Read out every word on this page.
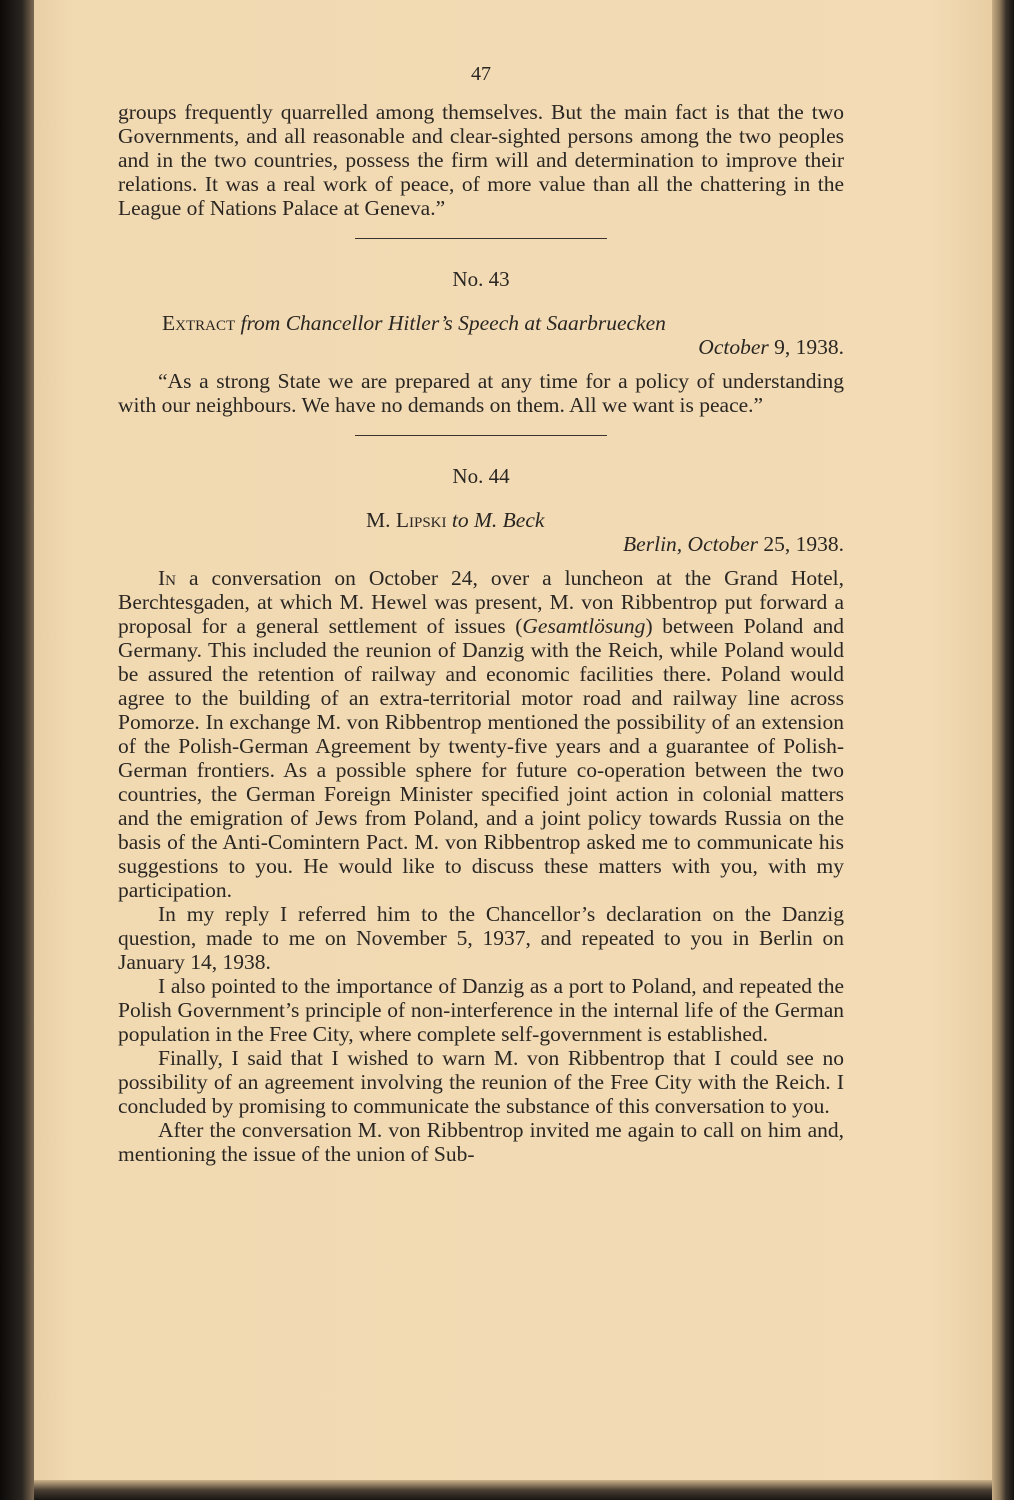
47

groups frequently quarrelled among themselves. But the main fact is that the two Governments, and all reasonable and clear-sighted persons among the two peoples and in the two countries, possess the firm will and determination to improve their relations. It was a real work of peace, of more value than all the chattering in the League of Nations Palace at Geneva.”

No. 43
Extract from Chancellor Hitler’s Speech at Saarbruecken
October 9, 1938.

“As a strong State we are prepared at any time for a policy of understanding with our neighbours. We have no demands on them. All we want is peace.”

No. 44
M. Lipski to M. Beck
Berlin, October 25, 1938.

In a conversation on October 24, over a luncheon at the Grand Hotel, Berchtesgaden, at which M. Hewel was present, M. von Ribbentrop put forward a proposal for a general settlement of issues (Gesamtlösung) between Poland and Germany. This included the reunion of Danzig with the Reich, while Poland would be assured the retention of railway and economic facilities there. Poland would agree to the building of an extra-territorial motor road and railway line across Pomorze. In exchange M. von Ribbentrop mentioned the possibility of an extension of the Polish-German Agreement by twenty-five years and a guarantee of Polish-German frontiers. As a possible sphere for future co-operation between the two countries, the German Foreign Minister specified joint action in colonial matters and the emigration of Jews from Poland, and a joint policy towards Russia on the basis of the Anti-Comintern Pact. M. von Ribbentrop asked me to communicate his suggestions to you. He would like to discuss these matters with you, with my participation.

In my reply I referred him to the Chancellor’s declaration on the Danzig question, made to me on November 5, 1937, and repeated to you in Berlin on January 14, 1938.

I also pointed to the importance of Danzig as a port to Poland, and repeated the Polish Government’s principle of non-interference in the internal life of the German population in the Free City, where complete self-government is established.

Finally, I said that I wished to warn M. von Ribbentrop that I could see no possibility of an agreement involving the reunion of the Free City with the Reich. I concluded by promising to communicate the substance of this conversation to you.

After the conversation M. von Ribbentrop invited me again to call on him and, mentioning the issue of the union of Sub-
